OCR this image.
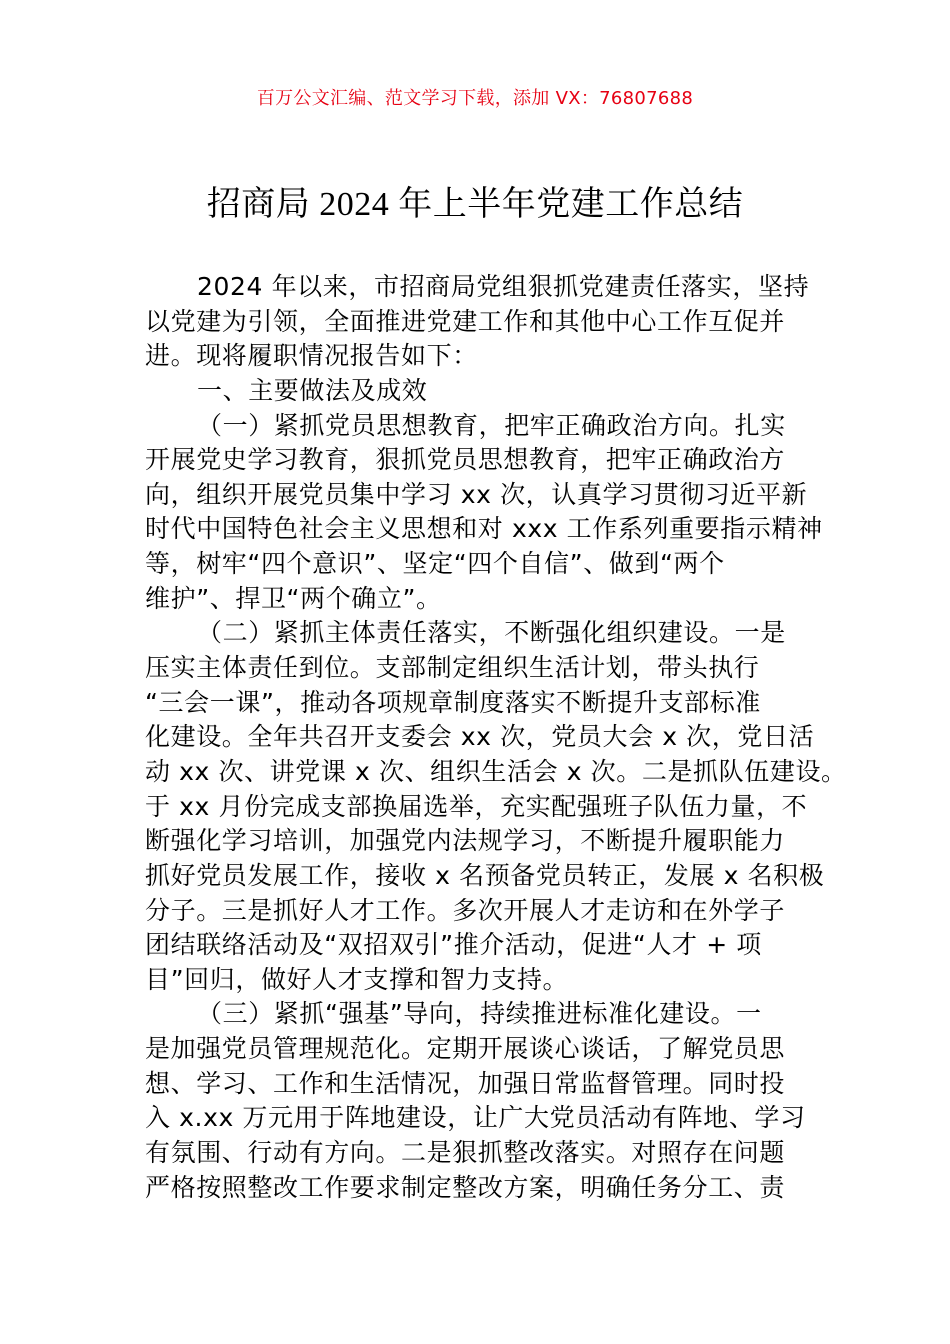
百万公文汇编、范文学习下载，添加 VX：76807688
招商局 2024 年上半年党建工作总结
2024 年以来，市招商局党组狠抓党建责任落实，坚持
以党建为引领，全面推进党建工作和其他中心工作互促并
进。现将履职情况报告如下：
一、主要做法及成效
（一）紧抓党员思想教育，把牢正确政治方向。扎实
开展党史学习教育，狠抓党员思想教育，把牢正确政治方
向，组织开展党员集中学习 xx 次，认真学习贯彻习近平新
时代中国特色社会主义思想和对 xxx 工作系列重要指示精神
等，树牢“四个意识”、坚定“四个自信”、做到“两个
维护”、捍卫“两个确立”。
（二）紧抓主体责任落实，不断强化组织建设。一是
压实主体责任到位。支部制定组织生活计划，带头执行
“三会一课”，推动各项规章制度落实不断提升支部标准
化建设。全年共召开支委会 xx 次，党员大会 x 次，党日活
动 xx 次、讲党课 x 次、组织生活会 x 次。二是抓队伍建设。
于 xx 月份完成支部换届选举，充实配强班子队伍力量，不
断强化学习培训，加强党内法规学习，不断提升履职能力
抓好党员发展工作，接收 x 名预备党员转正，发展 x 名积极
分子。三是抓好人才工作。多次开展人才走访和在外学子
团结联络活动及“双招双引”推介活动，促进“人才 + 项
目”回归，做好人才支撑和智力支持。
（三）紧抓“强基”导向，持续推进标准化建设。一
是加强党员管理规范化。定期开展谈心谈话，了解党员思
想、学习、工作和生活情况，加强日常监督管理。同时投
入 x.xx 万元用于阵地建设，让广大党员活动有阵地、学习
有氛围、行动有方向。二是狠抓整改落实。对照存在问题
严格按照整改工作要求制定整改方案，明确任务分工、责
